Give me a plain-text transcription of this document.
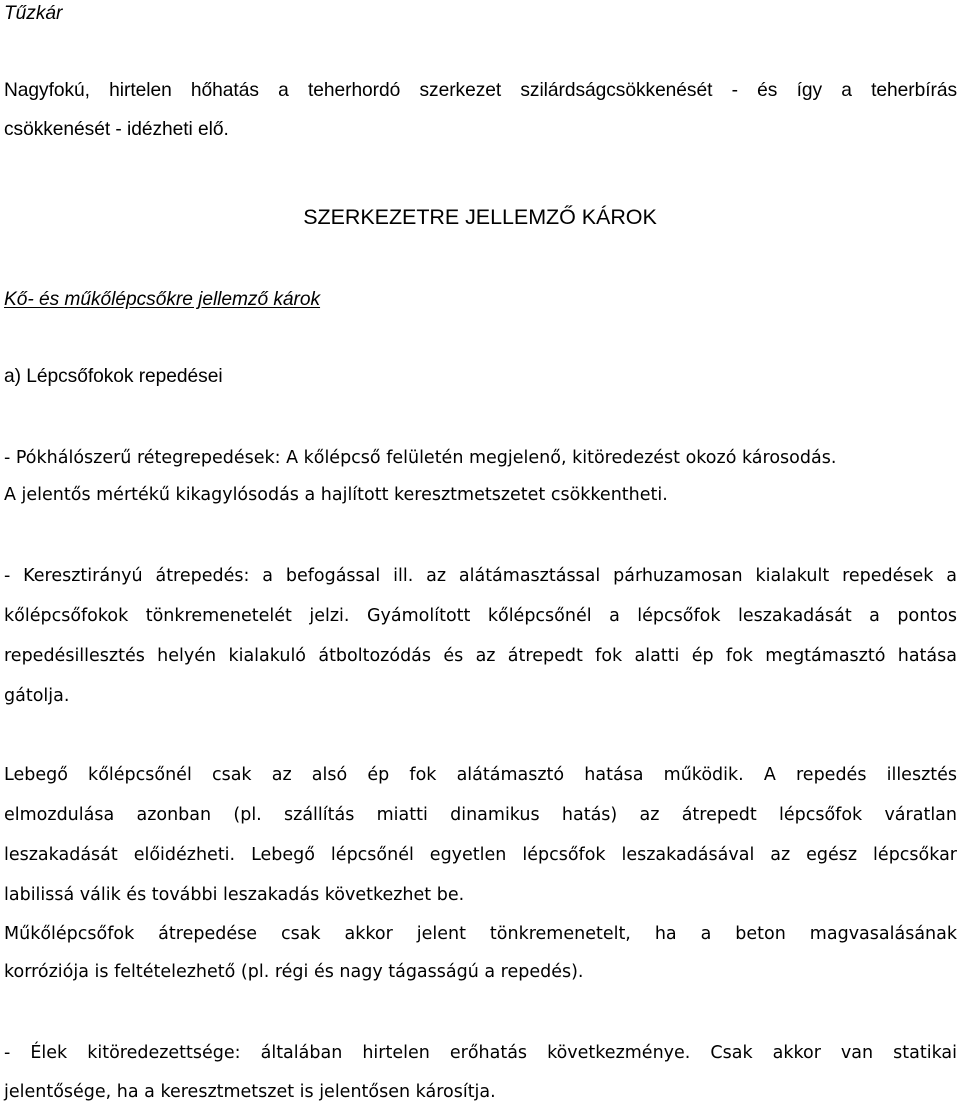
Tűzkár
Nagyfokú, hirtelen hőhatás a teherhordó szerkezet szilárdságcsökkenését - és így a teherbírás
csökkenését - idézheti elő.
SZERKEZETRE JELLEMZŐ KÁROK
Kő- és műkőlépcsőkre jellemző károk
a) Lépcsőfokok repedései
- Pókhálószerű rétegrepedések: A kőlépcső felületén megjelenő, kitöredezést okozó károsodás.
A jelentős mértékű kikagylósodás a hajlított keresztmetszetet csökkentheti.
- Keresztirányú átrepedés: a befogással ill. az alátámasztással párhuzamosan kialakult repedések a
kőlépcsőfokok tönkremenetelét jelzi. Gyámolított kőlépcsőnél a lépcsőfok leszakadását a pontos
repedésillesztés helyén kialakuló átboltozódás és az átrepedt fok alatti ép fok megtámasztó hatása
gátolja.
Lebegő kőlépcsőnél csak az alsó ép fok alátámasztó hatása működik. A repedés illesztés
elmozdulása azonban (pl. szállítás miatti dinamikus hatás) az átrepedt lépcsőfok váratlan
leszakadását előidézheti. Lebegő lépcsőnél egyetlen lépcsőfok leszakadásával az egész lépcsőkar
labilissá válik és további leszakadás következhet be.
Műkőlépcsőfok átrepedése csak akkor jelent tönkremenetelt, ha a beton magvasalásának
korróziója is feltételezhető (pl. régi és nagy tágasságú a repedés).
- Élek kitöredezettsége: általában hirtelen erőhatás következménye. Csak akkor van statikai
jelentősége, ha a keresztmetszet is jelentősen károsítja.
